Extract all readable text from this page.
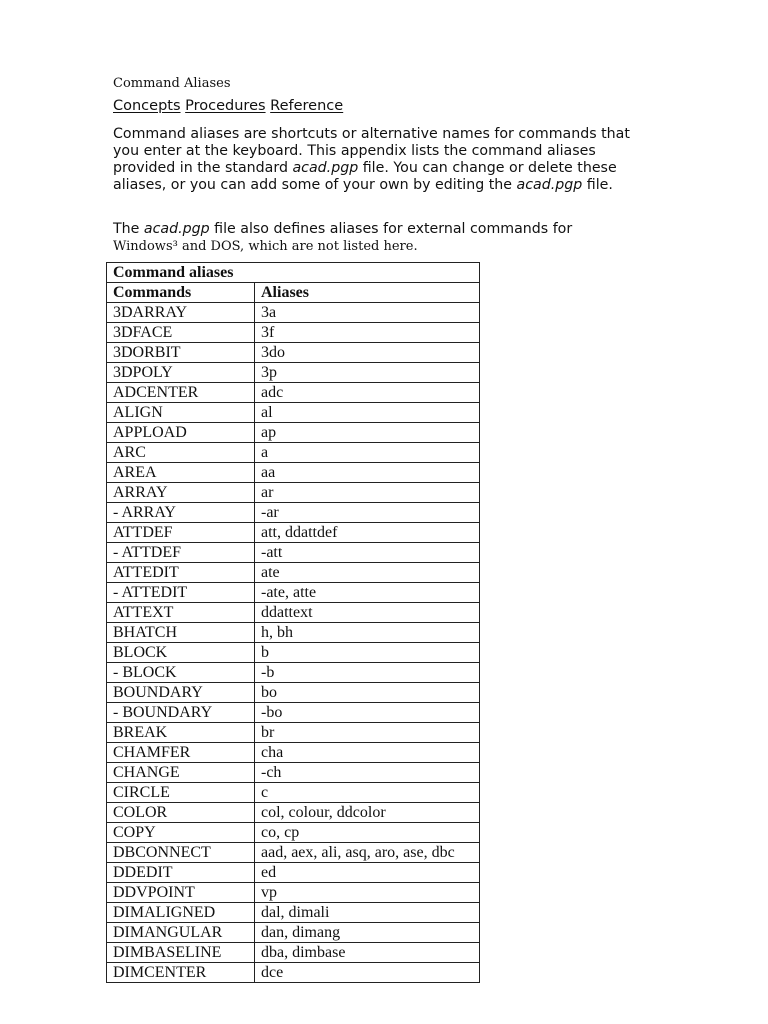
Command Aliases
Concepts Procedures Reference

Command aliases are shortcuts or alternative names for commands that you enter at the keyboard. This appendix lists the command aliases provided in the standard acad.pgp file. You can change or delete these aliases, or you can add some of your own by editing the acad.pgp file.

The acad.pgp file also defines aliases for external commands for
Windows³ and DOS, which are not listed here.

Command aliases	
Commands	Aliases
3DARRAY	3a
3DFACE	3f
3DORBIT	3do
3DPOLY	3p
ADCENTER	adc
ALIGN	al
APPLOAD	ap
ARC	a
AREA	aa
ARRAY	ar
- ARRAY	-ar
ATTDEF	att, ddattdef
- ATTDEF	-att
ATTEDIT	ate
- ATTEDIT	-ate, atte
ATTEXT	ddattext
BHATCH	h, bh
BLOCK	b
- BLOCK	-b
BOUNDARY	bo
- BOUNDARY	-bo
BREAK	br
CHAMFER	cha
CHANGE	-ch
CIRCLE	c
COLOR	col, colour, ddcolor
COPY	co, cp
DBCONNECT	aad, aex, ali, asq, aro, ase, dbc
DDEDIT	ed
DDVPOINT	vp
DIMALIGNED	dal, dimali
DIMANGULAR	dan, dimang
DIMBASELINE	dba, dimbase
DIMCENTER	dce
